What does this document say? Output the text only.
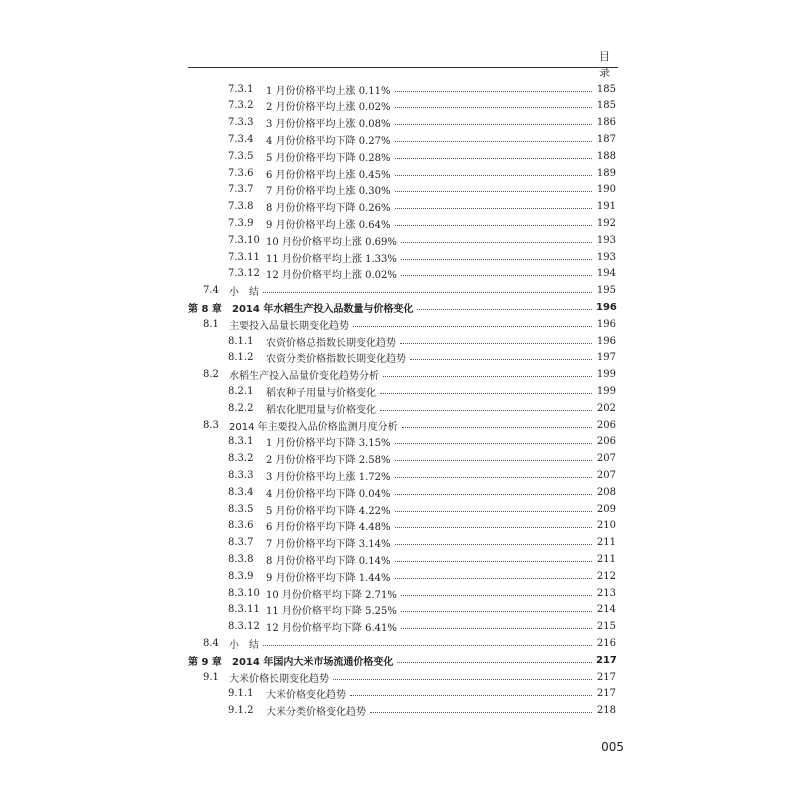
目 录
7.3.1	1 月份价格平均上涨 0.11%	185
7.3.2	2 月份价格平均上涨 0.02%	185
7.3.3	3 月份价格平均上涨 0.08%	186
7.3.4	4 月份价格平均下降 0.27%	187
7.3.5	5 月份价格平均下降 0.28%	188
7.3.6	6 月份价格平均上涨 0.45%	189
7.3.7	7 月份价格平均上涨 0.30%	190
7.3.8	8 月份价格平均下降 0.26%	191
7.3.9	9 月份价格平均上涨 0.64%	192
7.3.10 10 月份价格平均上涨 0.69%	193
7.3.11 11 月份价格平均上涨 1.33%	193
7.3.12 12 月份价格平均上涨 0.02%	194
7.4	小　结	195
第 8 章	2014 年水稻生产投入品数量与价格变化	196
8.1	主要投入品量长期变化趋势	196
8.1.1	农资价格总指数长期变化趋势	196
8.1.2	农资分类价格指数长期变化趋势	197
8.2	水稻生产投入品量价变化趋势分析	199
8.2.1	稻农种子用量与价格变化	199
8.2.2	稻农化肥用量与价格变化	202
8.3	2014 年主要投入品价格监测月度分析	206
8.3.1	1 月份价格平均下降 3.15%	206
8.3.2	2 月份价格平均下降 2.58%	207
8.3.3	3 月份价格平均上涨 1.72%	207
8.3.4	4 月份价格平均下降 0.04%	208
8.3.5	5 月份价格平均下降 4.22%	209
8.3.6	6 月份价格平均下降 4.48%	210
8.3.7	7 月份价格平均下降 3.14%	211
8.3.8	8 月份价格平均下降 0.14%	211
8.3.9	9 月份价格平均下降 1.44%	212
8.3.10 10 月份价格平均下降 2.71%	213
8.3.11 11 月份价格平均下降 5.25%	214
8.3.12 12 月份价格平均下降 6.41%	215
8.4	小　结	216
第 9 章	2014 年国内大米市场流通价格变化	217
9.1	大米价格长期变化趋势	217
9.1.1	大米价格变化趋势	217
9.1.2	大米分类价格变化趋势	218
005
